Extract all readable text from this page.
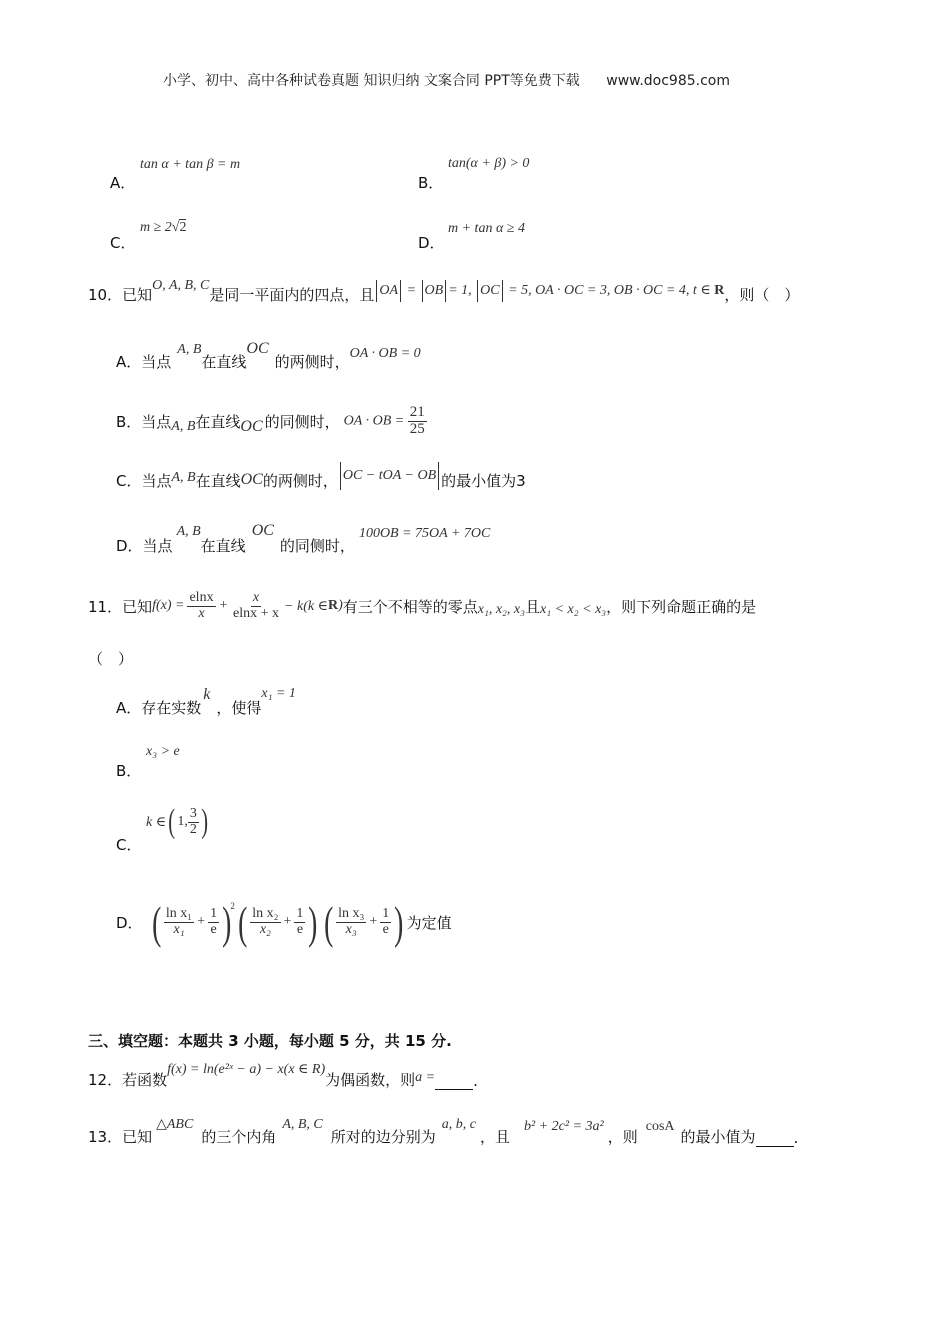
小学、初中、高中各种试卷真题 知识归纳 文案合同 PPT等免费下载 www.doc985.com
A．
tan α + tan β = m
B．
tan(α + β) > 0
C．
m ≥ 2√2
D．
m + tan α ≥ 4
10．已知 O, A, B, C 是同一平面内的四点，且 OA = OB = 1, OC = 5, OA · OC = 3, OB · OC = 4, t ∈ R ，则（　）
A．当点
A, B
在直线
OC
的两侧时， OA · OB = 0
B．当点 A, B 在直线 OC 的同侧时， OA · OB = $\frac{21}{25}$
C．当点 A, B 在直线 OC 的两侧时， OC − tOA − OB 的最小值为3
D．当点
A, B
在直线
OC
的同侧时，
100OB = 75OA + 7OC
11．已知 $f(x) = \frac{elnx}{x} + \frac{x}{elnx + x} - k(k$ ∈ R ) 有三个不相等的零点 x₁, x₂, x₃ 且 x₁ < x₂ < x₃ ，则下列命题正确的是
（　）
A．存在实数
k
，使得
x₁ = 1
B．
x₃ > e
C．
k ∈ ( 1, $\frac{3}{2}$ )
D． ( $\frac{\text{ln x₁}}{\text{x₁}} + \frac{1}{e} )^2$ ( $\frac{\text{ln x₂}}{\text{x₂}} + \frac{1}{e}$ ) ( $\frac{\text{ln x₃}}{\text{x₃}} + \frac{1}{e}$ ) 为定值
三、填空题：本题共 3 小题，每小题 5 分，共 15 分.
12．若函数
f(x) = ln(e²ˣ − a) − x(x ∈ R)
为偶函数，则 a =	.
13．已知
△ABC
的三个内角
A, B, C
所对的边分别为
a, b, c
，且
b² + 2c² = 3a²
，则
cosA
的最小值为	.
